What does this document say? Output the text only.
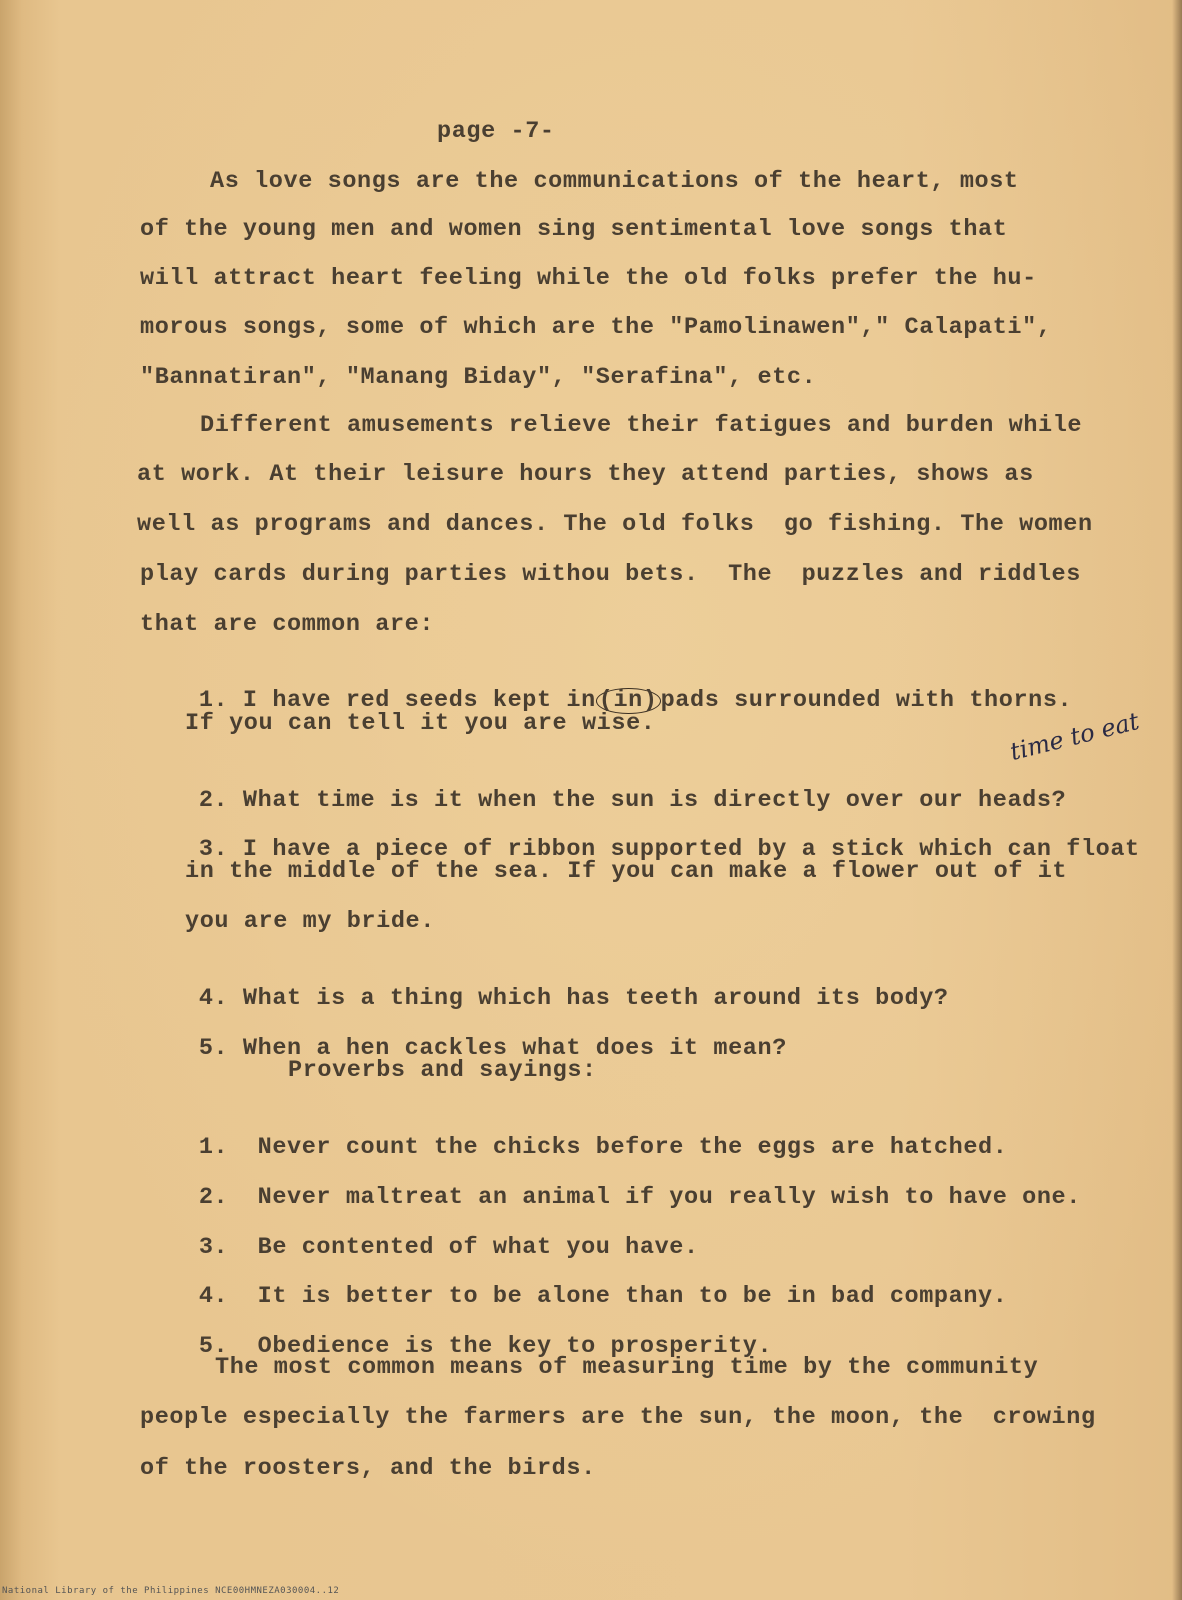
page -7-
As love songs are the communications of the heart, most
of the young men and women sing sentimental love songs that
will attract heart feeling while the old folks prefer the hu-
morous songs, some of which are the "Pamolinawen"," Calapati",
"Bannatiran", "Manang Biday", "Serafina", etc.
Different amusements relieve their fatigues and burden while
at work. At their leisure hours they attend parties, shows as
well as programs and dances. The old folks  go fishing. The women
play cards during parties withou bets.  The  puzzles and riddles
that are common are:

1. I have red seeds kept in (in) pads surrounded with thorns.

If you can tell it you are wise.

2. What time is it when the sun is directly over our heads?

time to eat

3. I have a piece of ribbon supported by a stick which can float

in the middle of the sea. If you can make a flower out of it
you are my bride.

4. What is a thing which has teeth around its body?

5. When a hen cackles what does it mean?

Proverbs and sayings:

1. Never count the chicks before the eggs are hatched.

2. Never maltreat an animal if you really wish to have one.

3. Be contented of what you have.

4. It is better to be alone than to be in bad company.

5. Obedience is the key to prosperity.

The most common means of measuring time by the community
people especially the farmers are the sun, the moon, the  crowing
of the roosters, and the birds.
National Library of the Philippines NCE00HMNEZA030004..12
